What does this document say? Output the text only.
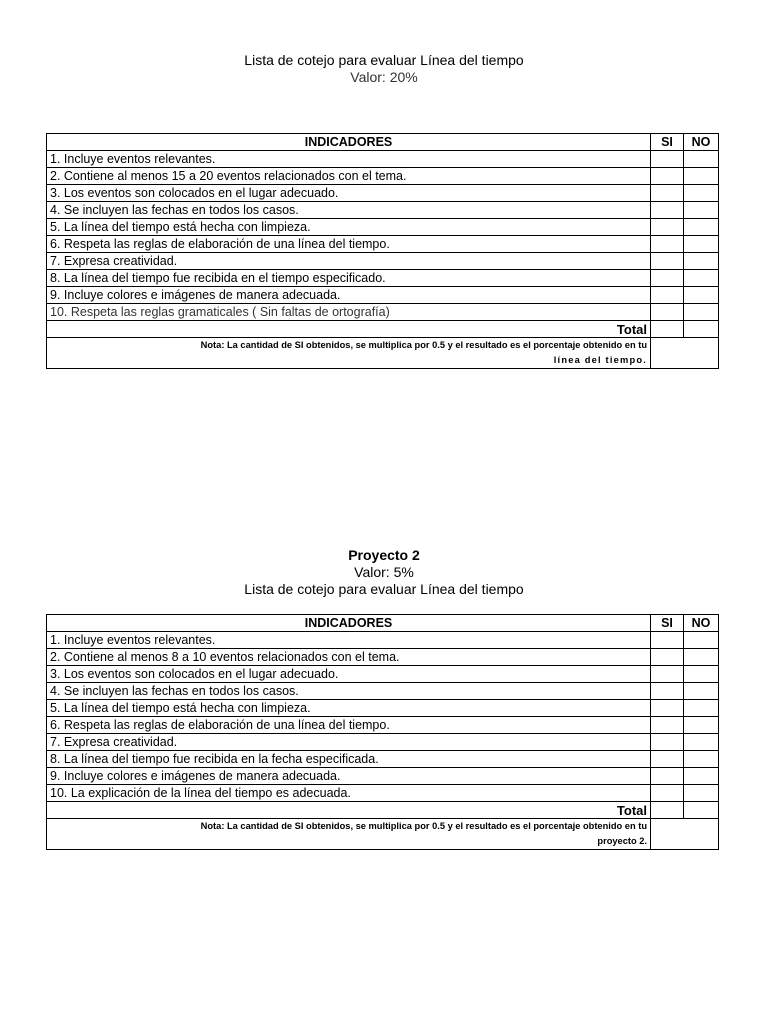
Lista de cotejo para evaluar Línea del tiempo
Valor: 20%
INDICADORES	SI	NO
1. Incluye eventos relevantes.		
2. Contiene al menos 15 a 20 eventos relacionados con el tema.		
3. Los eventos son colocados en el lugar adecuado.		
4. Se incluyen las fechas en todos los casos.		
5. La línea del tiempo está hecha con limpieza.		
6. Respeta las reglas de elaboración de una línea del tiempo.		
7. Expresa creatividad.		
8. La línea del tiempo fue recibida en el tiempo especificado.		
9. Incluye colores e imágenes de manera adecuada.		
10. Respeta las reglas gramaticales ( Sin faltas de ortografía)		
Total		
Nota: La cantidad de SI obtenidos, se multiplica por 0.5 y el resultado es el porcentaje obtenido en tu
línea del tiempo.		
Proyecto 2
Valor: 5%
Lista de cotejo para evaluar Línea del tiempo
INDICADORES	SI	NO
1. Incluye eventos relevantes.		
2. Contiene al menos 8 a 10 eventos relacionados con el tema.		
3. Los eventos son colocados en el lugar adecuado.		
4. Se incluyen las fechas en todos los casos.		
5. La línea del tiempo está hecha con limpieza.		
6. Respeta las reglas de elaboración de una línea del tiempo.		
7. Expresa creatividad.		
8. La línea del tiempo fue recibida en la fecha especificada.		
9. Incluye colores e imágenes de manera adecuada.		
10. La explicación de la línea del tiempo es adecuada.		
Total		
Nota: La cantidad de SI obtenidos, se multiplica por 0.5 y el resultado es el porcentaje obtenido en tu
proyecto 2.		
